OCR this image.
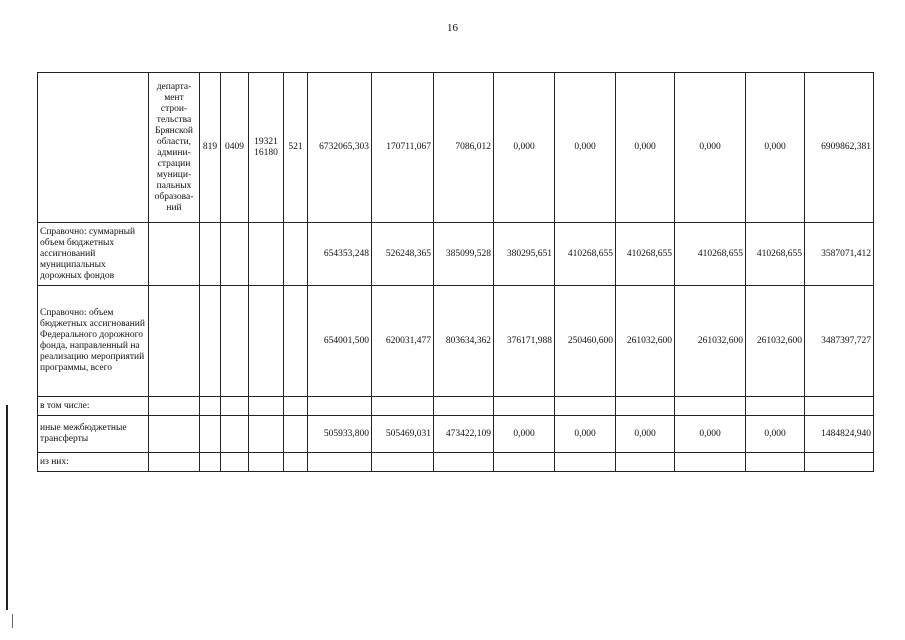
16
	департа-мент строи-тельства Брянской области, админи-страции муници-пальных образова-ний	819	0409	19321 16180	521	6732065,303	170711,067	7086,012	0,000	0,000	0,000	0,000	0,000	6909862,381
Справочно: суммарный объем бюджетных ассигнований муниципальных дорожных фондов						654353,248	526248,365	385099,528	380295,651	410268,655	410268,655	410268,655	410268,655	3587071,412
Справочно: объем бюджетных ассигнований Федерального дорожного фонда, направленный на реализацию мероприятий программы, всего						654001,500	620031,477	803634,362	376171,988	250460,600	261032,600	261032,600	261032,600	3487397,727
в том числе:														
иные межбюджетные трансферты						505933,800	505469,031	473422,109	0,000	0,000	0,000	0,000	0,000	1484824,940
из них:														
